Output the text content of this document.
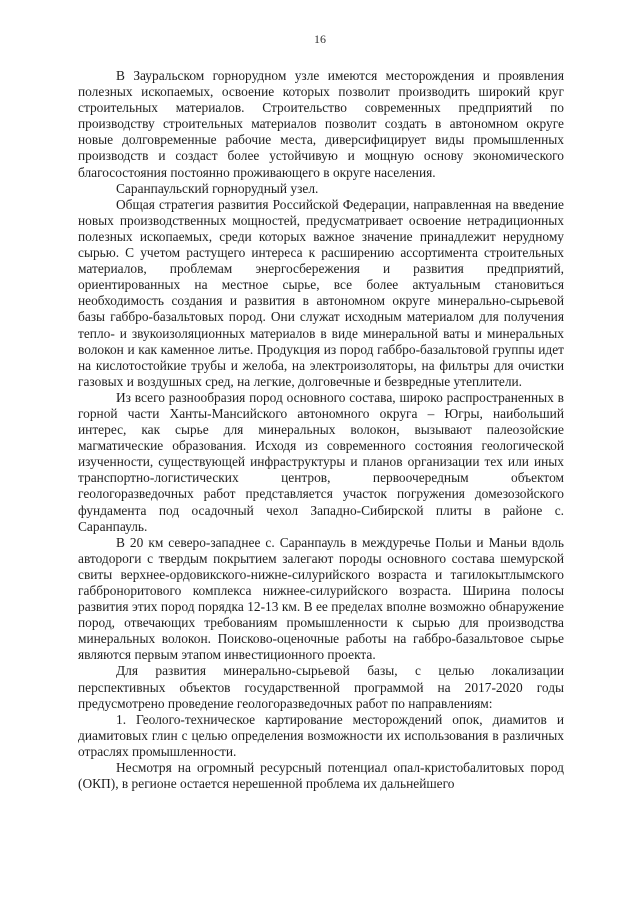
16

В Зауральском горнорудном узле имеются месторождения и проявления полезных ископаемых, освоение которых позволит производить широкий круг строительных материалов. Строительство современных предприятий по производству строительных материалов позволит создать в автономном округе новые долговременные рабочие места, диверсифицирует виды промышленных производств и создаст более устойчивую и мощную основу экономического благосостояния постоянно проживающего в округе населения.

Саранпаульский горнорудный узел.

Общая стратегия развития Российской Федерации, направленная на введение новых производственных мощностей, предусматривает освоение нетрадиционных полезных ископаемых, среди которых важное значение принадлежит нерудному сырью. С учетом растущего интереса к расширению ассортимента строительных материалов, проблемам энергосбережения и развития предприятий, ориентированных на местное сырье, все более актуальным становиться необходимость создания и развития в автономном округе минерально-сырьевой базы габбро-базальтовых пород. Они служат исходным материалом для получения тепло- и звукоизоляционных материалов в виде минеральной ваты и минеральных волокон и как каменное литье. Продукция из пород габбро-базальтовой группы идет на кислотостойкие трубы и желоба, на электроизоляторы, на фильтры для очистки газовых и воздушных сред, на легкие, долговечные и безвредные утеплители.

Из всего разнообразия пород основного состава, широко распространенных в горной части Ханты-Мансийского автономного округа – Югры, наибольший интерес, как сырье для минеральных волокон, вызывают палеозойские магматические образования. Исходя из современного состояния геологической изученности, существующей инфраструктуры и планов организации тех или иных транспортно-логистических центров, первоочередным объектом геологоразведочных работ представляется участок погружения домезозойского фундамента под осадочный чехол Западно-Сибирской плиты в районе с. Саранпауль.

В 20 км северо-западнее с. Саранпауль в междуречье Польи и Маньи вдоль автодороги с твердым покрытием залегают породы основного состава шемурской свиты верхнее-ордовикского-нижне-силурийского возраста и тагилокытлымского габброноритового комплекса нижнее-силурийского возраста. Ширина полосы развития этих пород порядка 12-13 км. В ее пределах вполне возможно обнаружение пород, отвечающих требованиям промышленности к сырью для производства минеральных волокон. Поисково-оценочные работы на габбро-базальтовое сырье являются первым этапом инвестиционного проекта.

Для развития минерально-сырьевой базы, с целью локализации перспективных объектов государственной программой на 2017-2020 годы предусмотрено проведение геологоразведочных работ по направлениям:

1. Геолого-техническое картирование месторождений опок, диамитов и диамитовых глин с целью определения возможности их использования в различных отраслях промышленности.

Несмотря на огромный ресурсный потенциал опал-кристобалитовых пород (ОКП), в регионе остается нерешенной проблема их дальнейшего
